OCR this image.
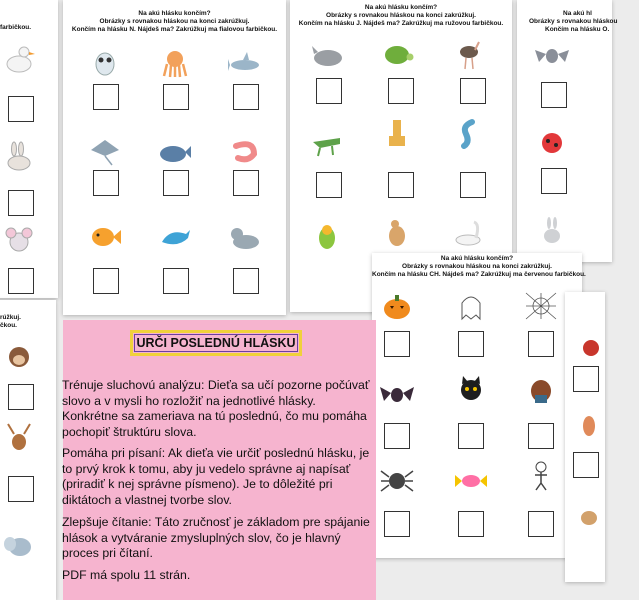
farbičkou.
Na akú hlásku končím?
Obrázky s rovnakou hláskou na konci zakrúžkuj.
Končím na hlásku N. Nájdeš ma? Zakrúžkuj ma fialovou farbičkou.
Na akú hlásku končím?
Obrázky s rovnakou hláskou na konci zakrúžkuj.
Končím na hlásku J. Nájdeš ma? Zakrúžkuj ma ružovou farbičkou.
Na akú hl
Obrázky s rovnakou hláskou
Končím na hlásku O.
rúžkuj.
čkou.
Na akú hlásku končím?
Obrázky s rovnakou hláskou na konci zakrúžkuj.
Končím na hlásku CH. Nájdeš ma? Zakrúžkuj ma červenou farbičkou.
URČI POSLEDNÚ HLÁSKU
Trénuje sluchovú analýzu: Dieťa sa učí pozorne počúvať slovo a v mysli ho rozložiť na jednotlivé hlásky. Konkrétne sa zameriava na tú poslednú, čo mu pomáha pochopiť štruktúru slova.
Pomáha pri písaní: Ak dieťa vie určiť poslednú hlásku, je to prvý krok k tomu, aby ju vedelo správne aj napísať (priradiť k nej správne písmeno). Je to dôležité pri diktátoch a vlastnej tvorbe slov.
Zlepšuje čítanie: Táto zručnosť je základom pre spájanie hlások a vytváranie zmysluplných slov, čo je hlavný proces pri čítaní.
PDF má spolu 11 strán.
